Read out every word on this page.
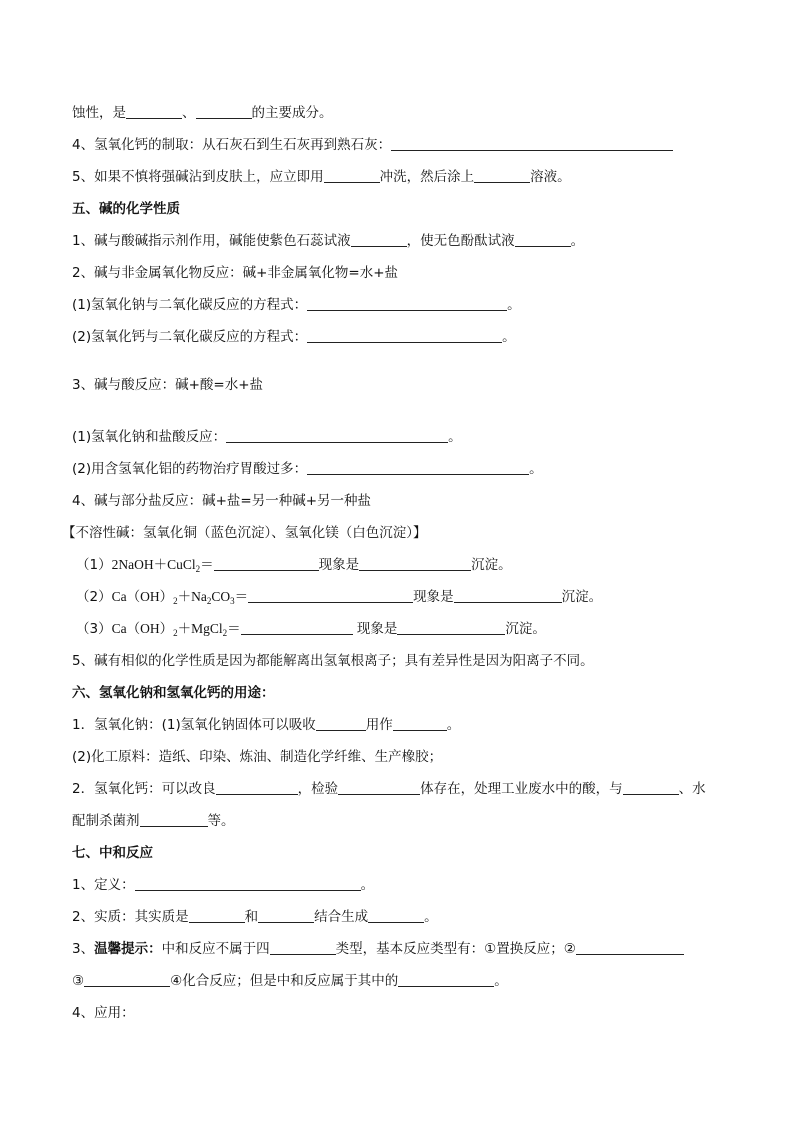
蚀性，是	、	的主要成分。
4、氢氧化钙的制取：从石灰石到生石灰再到熟石灰：
5、如果不慎将强碱沾到皮肤上，应立即用	冲洗，然后涂上	溶液。
五、碱的化学性质
1、碱与酸碱指示剂作用，碱能使紫色石蕊试液	，使无色酚酞试液	。
2、碱与非金属氧化物反应：碱+非金属氧化物=水+盐
(1)氢氧化钠与二氧化碳反应的方程式：	。
(2)氢氧化钙与二氧化碳反应的方程式：	。
3、碱与酸反应：碱+酸=水+盐
(1)氢氧化钠和盐酸反应：	。
(2)用含氢氧化铝的药物治疗胃酸过多：	。
4、碱与部分盐反应：碱+盐=另一种碱+另一种盐
【不溶性碱：氢氧化铜（蓝色沉淀）、氢氧化镁（白色沉淀）】
（1）2NaOH＋CuCl$_2$＝	现象是	沉淀。
$(2)Ca(OH)_2+Na_2CO_3=$	现象是	沉淀。
$(3)Ca(OH)_2+MgCl_2=$	现象是	沉淀。
5、碱有相似的化学性质是因为都能解离出氢氧根离子；具有差异性是因为阳离子不同。
六、氢氧化钠和氢氧化钙的用途：
1．氢氧化钠：(1)氢氧化钠固体可以吸收	用作	。
(2)化工原料：造纸、印染、炼油、制造化学纤维、生产橡胶；
2．氢氧化钙：可以改良	，检验	体存在，处理工业废水中的酸，与	、水
配制杀菌剂	等。
七、中和反应
1、定义：	。
2、实质：其实质是	和	结合生成	。
3、温馨提示：中和反应不属于四	类型，基本反应类型有：①置换反应；②
③	④化合反应；但是中和反应属于其中的	。
4、应用：
